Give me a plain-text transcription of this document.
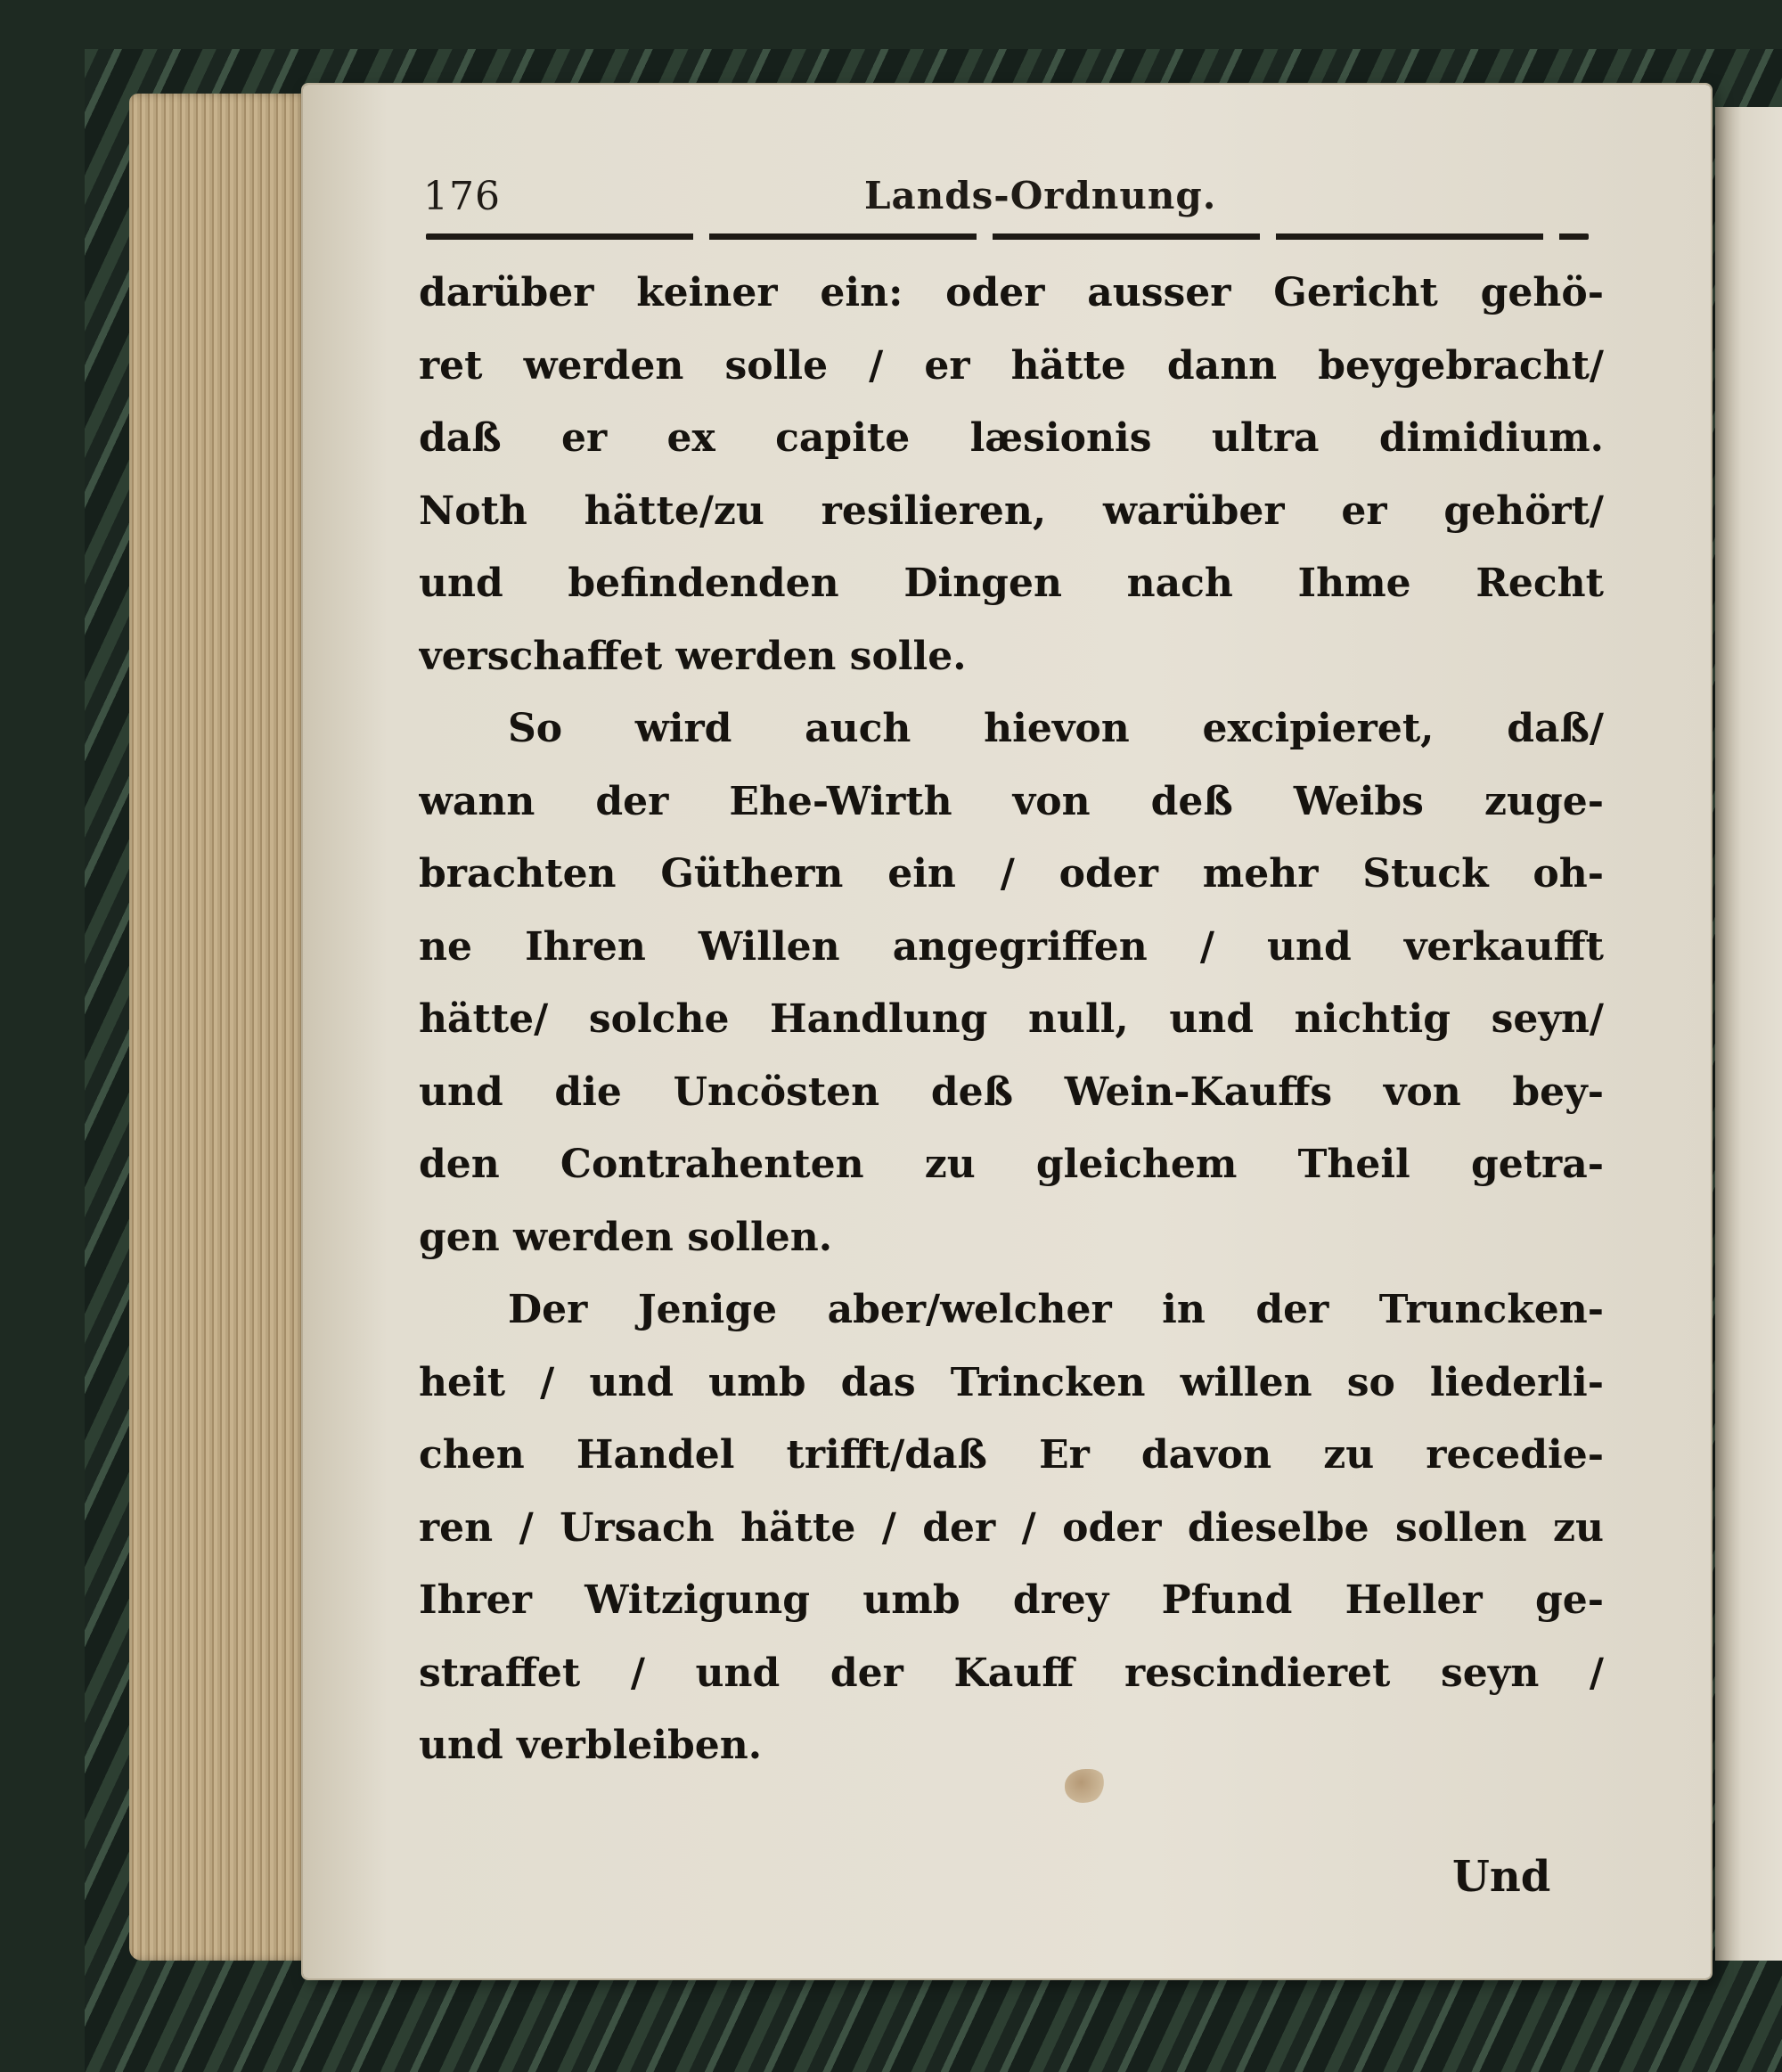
176	Lands-Ordnung.
darüber keiner ein: oder ausser Gericht gehö-
ret werden solle / er hätte dann beygebracht/
daß er ex capite læsionis ultra dimidium.
Noth hätte/zu resilieren, warüber er gehört/
und befindenden Dingen nach Ihme Recht
verschaffet werden solle.
So wird auch hievon excipieret, daß/
wann der Ehe-Wirth von deß Weibs zuge-
brachten Güthern ein / oder mehr Stuck oh-
ne Ihren Willen angegriffen / und verkaufft
hätte/ solche Handlung null, und nichtig seyn/
und die Uncösten deß Wein-Kauffs von bey-
den Contrahenten zu gleichem Theil getra-
gen werden sollen.
Der Jenige aber/welcher in der Truncken-
heit / und umb das Trincken willen so liederli-
chen Handel trifft/daß Er davon zu recedie-
ren / Ursach hätte / der / oder dieselbe sollen zu
Ihrer Witzigung umb drey Pfund Heller ge-
straffet / und der Kauff rescindieret seyn /
und verbleiben.
Und
